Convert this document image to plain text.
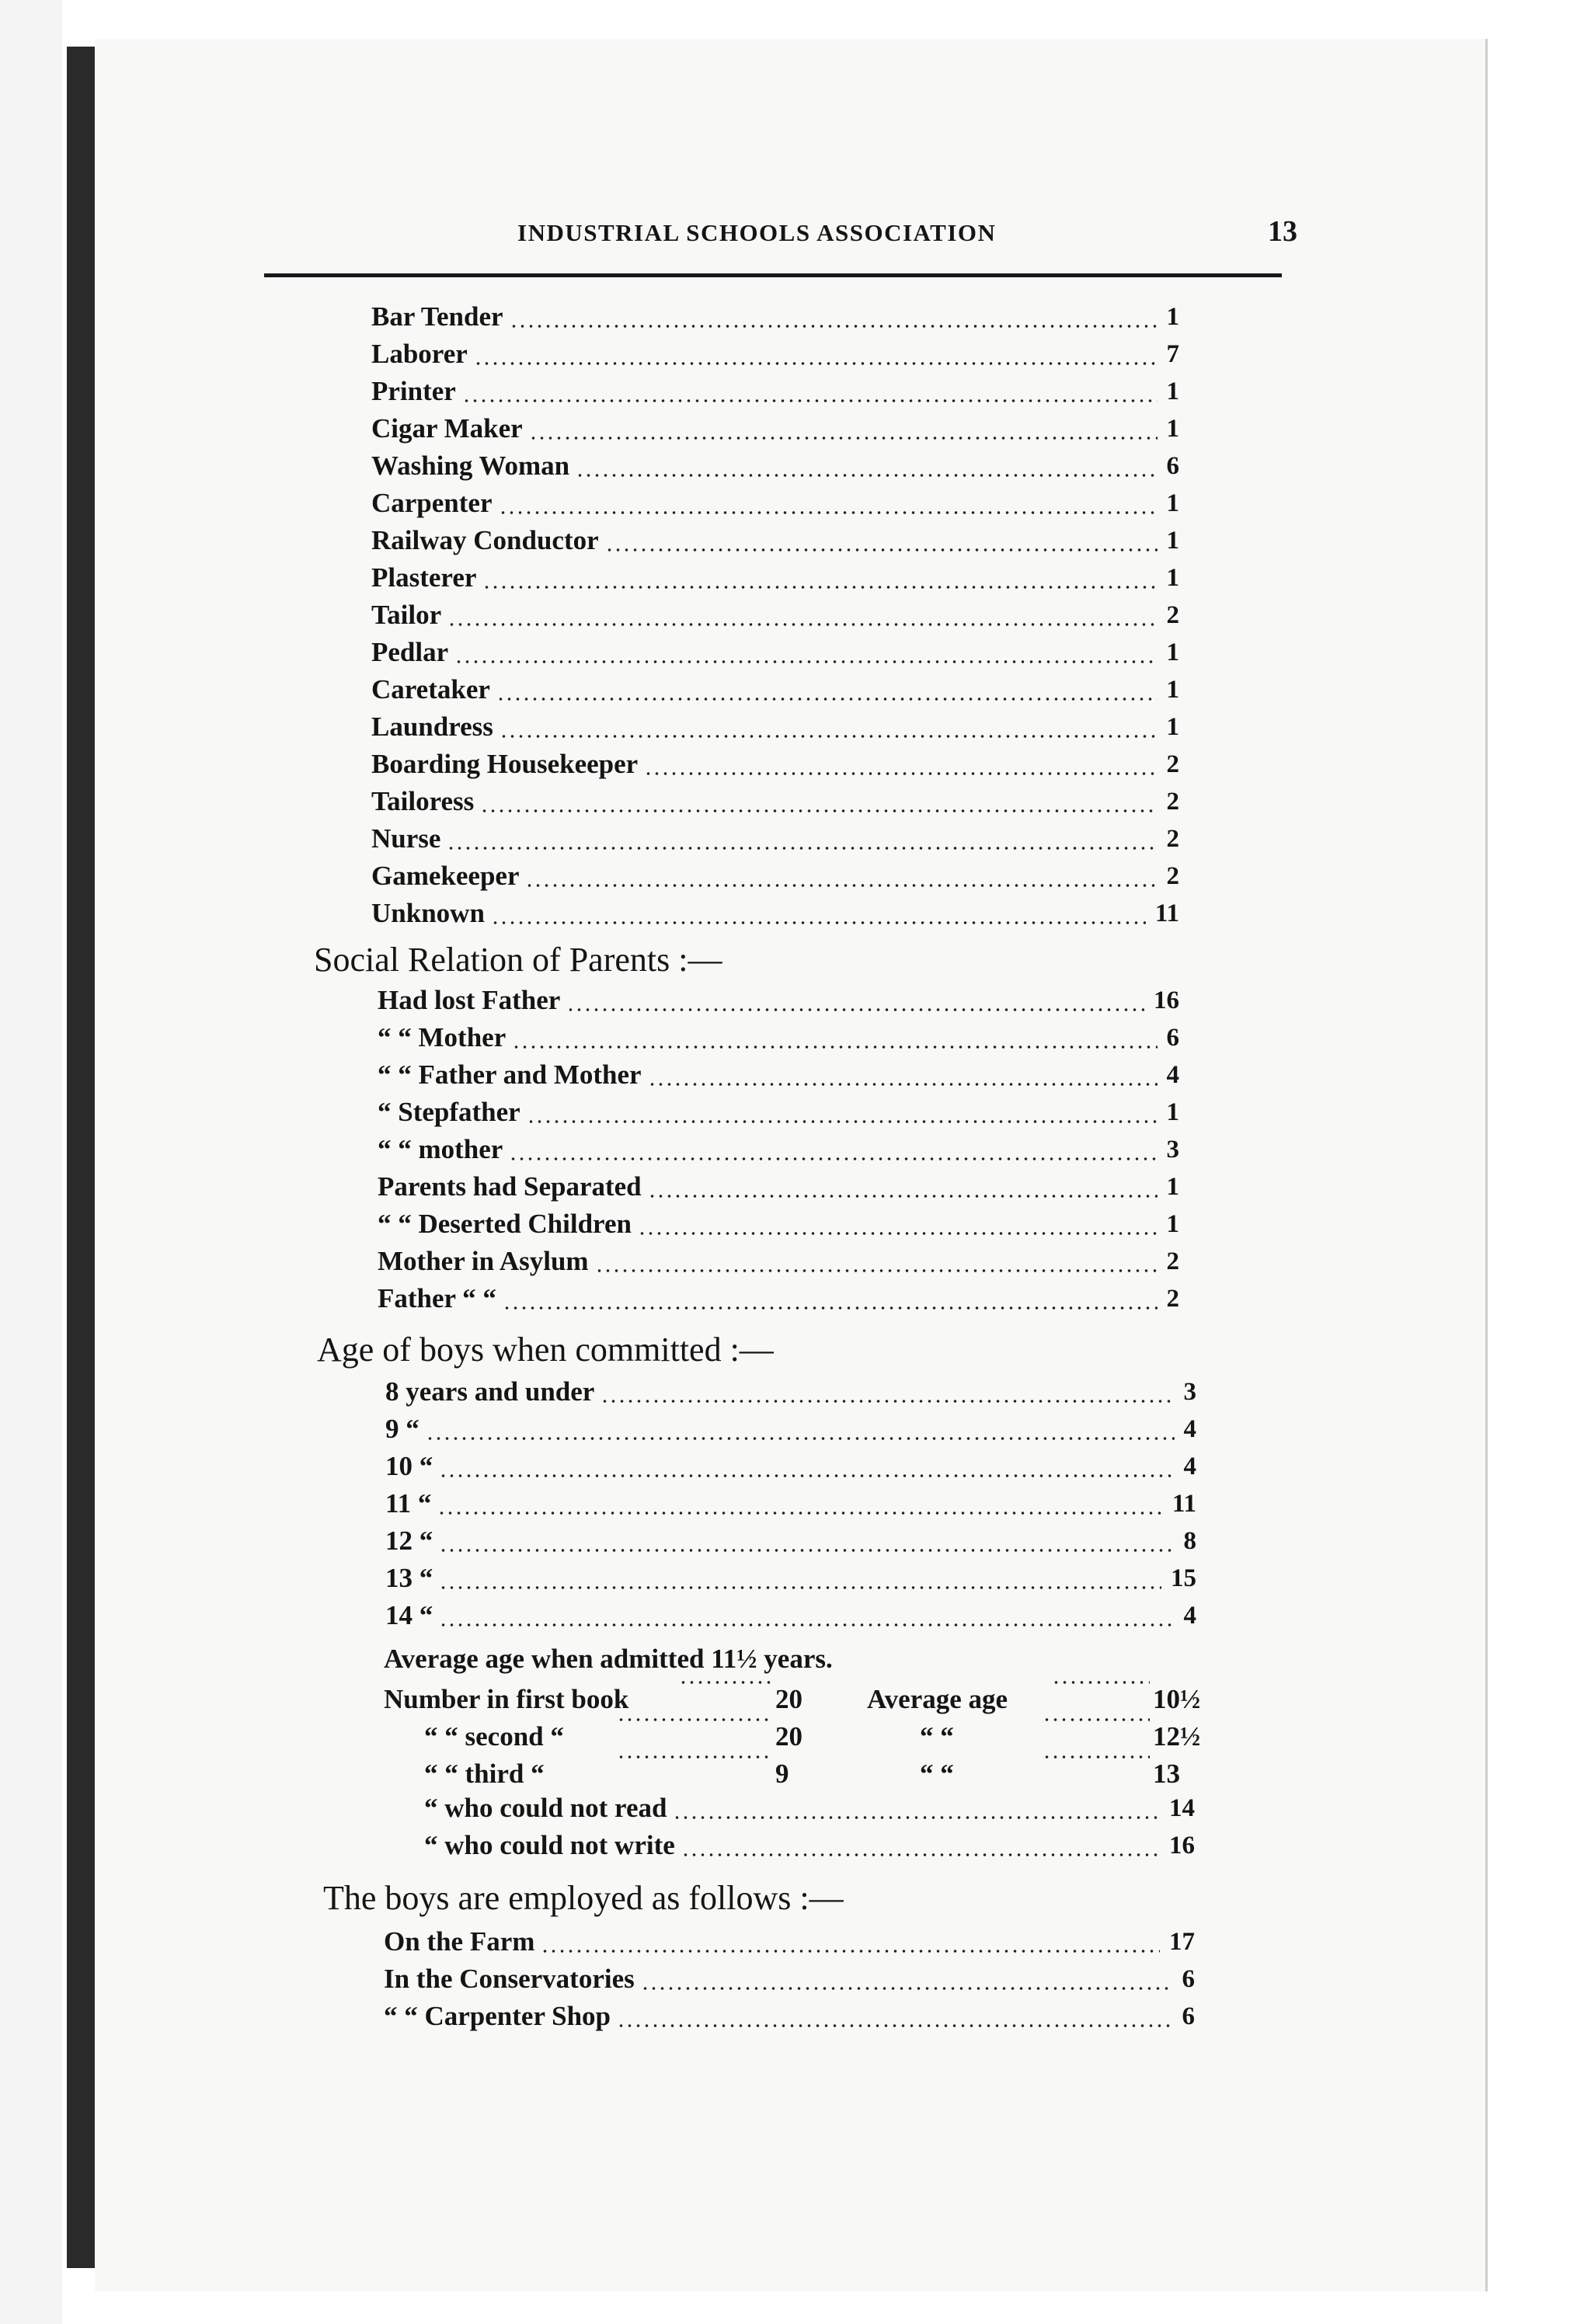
INDUSTRIAL SCHOOLS ASSOCIATION	13
Bar Tender	1
Laborer	7
Printer	1
Cigar Maker	1
Washing Woman	6
Carpenter	1
Railway Conductor	1
Plasterer	1
Tailor	2
Pedlar	1
Caretaker	1
Laundress	1
Boarding Housekeeper	2
Tailoress	2
Nurse	2
Gamekeeper	2
Unknown	11
Social Relation of Parents :—
Had lost Father	16
“ “ Mother	6
“ “ Father and Mother	4
“ Stepfather	1
“ “ mother	3
Parents had Separated	1
“ “ Deserted Children	1
Mother in Asylum	2
Father “ “	2
Age of boys when committed :—
8 years and under	3
9 “	4
10 “	4
11 “	11
12 “	8
13 “	15
14 “	4
Average age when admitted 11½ years.
Number in first book	20 Average age	10½
“ “ second “	20	“ “	12½
“ “ third “	9	“ “	13
“ who could not read	14
“ who could not write	16
The boys are employed as follows :—
On the Farm	17
In the Conservatories	6
“ “ Carpenter Shop	6
